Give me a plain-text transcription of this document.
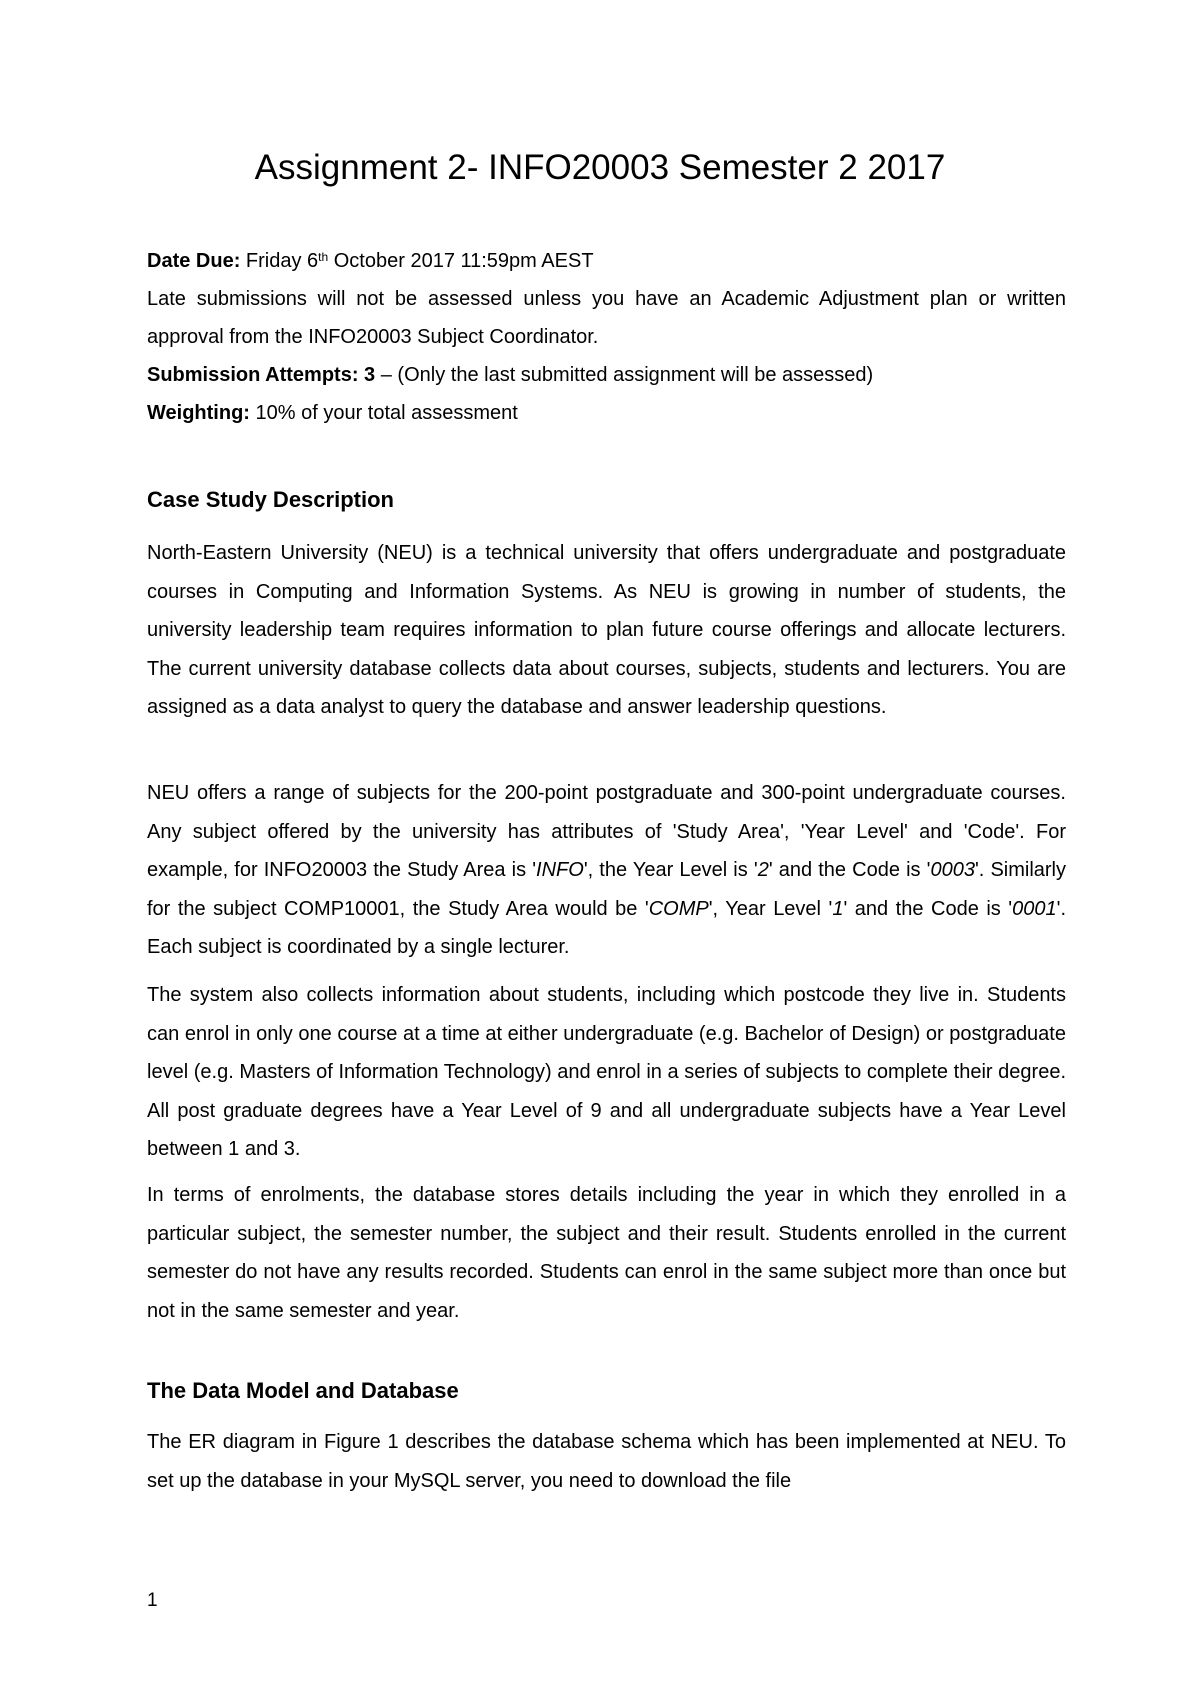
Assignment 2- INFO20003 Semester 2 2017

Date Due: Friday 6th October 2017 11:59pm AEST

Late submissions will not be assessed unless you have an Academic Adjustment plan or written approval from the INFO20003 Subject Coordinator.

Submission Attempts: 3 – (Only the last submitted assignment will be assessed)

Weighting: 10% of your total assessment

Case Study Description

North-Eastern University (NEU) is a technical university that offers undergraduate and postgraduate courses in Computing and Information Systems. As NEU is growing in number of students, the university leadership team requires information to plan future course offerings and allocate lecturers. The current university database collects data about courses, subjects, students and lecturers. You are assigned as a data analyst to query the database and answer leadership questions.

NEU offers a range of subjects for the 200-point postgraduate and 300-point undergraduate courses. Any subject offered by the university has attributes of 'Study Area', 'Year Level' and 'Code'. For example, for INFO20003 the Study Area is 'INFO', the Year Level is '2' and the Code is '0003'. Similarly for the subject COMP10001, the Study Area would be 'COMP', Year Level '1' and the Code is '0001'. Each subject is coordinated by a single lecturer.

The system also collects information about students, including which postcode they live in. Students can enrol in only one course at a time at either undergraduate (e.g. Bachelor of Design) or postgraduate level (e.g. Masters of Information Technology) and enrol in a series of subjects to complete their degree. All post graduate degrees have a Year Level of 9 and all undergraduate subjects have a Year Level between 1 and 3.

In terms of enrolments, the database stores details including the year in which they enrolled in a particular subject, the semester number, the subject and their result. Students enrolled in the current semester do not have any results recorded. Students can enrol in the same subject more than once but not in the same semester and year.

The Data Model and Database

The ER diagram in Figure 1 describes the database schema which has been implemented at NEU. To set up the database in your MySQL server, you need to download the file

1
